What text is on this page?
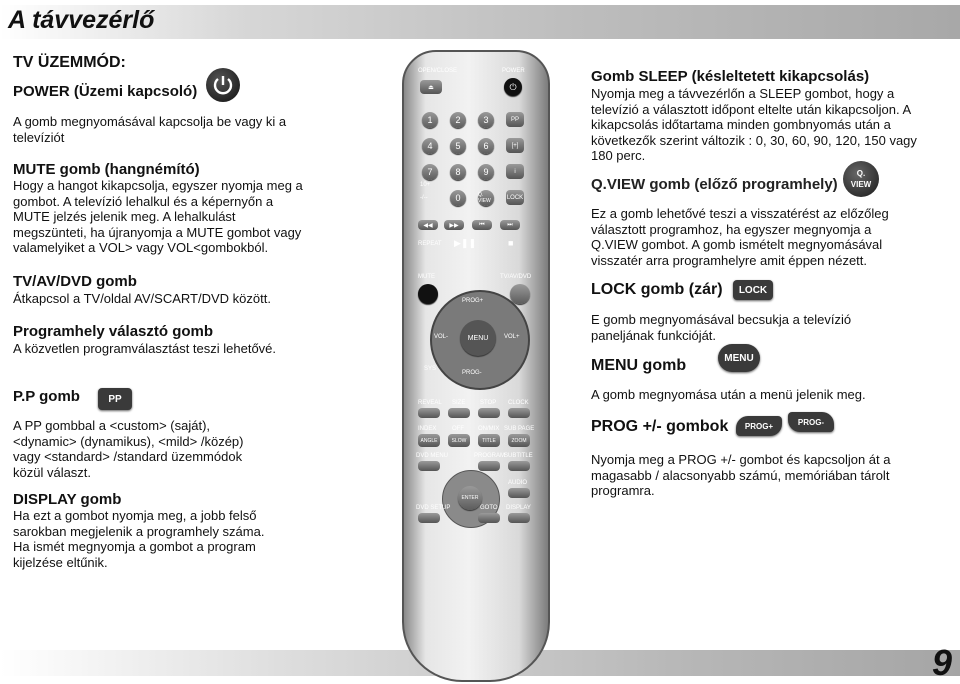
A távvezérlő
9
TV ÜZEMMÓD:
POWER (Üzemi kapcsoló)
A gomb megnyomásával kapcsolja be vagy ki a
televíziót
MUTE gomb (hangnémító)
Hogy a hangot kikapcsolja, egyszer nyomja meg a
gombot. A televízió lehalkul és a képernyőn a
MUTE jelzés jelenik meg. A lehalkulást
megszünteti, ha újranyomja a MUTE gombot vagy
valamelyiket a VOL> vagy VOL<gombokból.
TV/AV/DVD gomb
Átkapcsol a TV/oldal AV/SCART/DVD között.
Programhely választó gomb
A közvetlen programválasztást teszi lehetővé.
P.P gomb	PP
A PP gombbal a <custom> (saját),
<dynamic> (dynamikus), <mild> /közép)
vagy <standard> /standard üzemmódok
közül választ.
DISPLAY gomb
Ha ezt a gombot nyomja meg, a jobb felső
sarokban megjelenik a programhely száma.
Ha ismét megnyomja a gombot a program
kijelzése eltűnik.
OPEN/CLOSE	POWER
⏏	⏻
1	2	3	PP
4	5	6	[+]
7	8	9	i
10+
-/--	0	Q. VIEW
LOCK
◀◀	▶▶	⏮	⏭
REPEAT ▶❚❚	■
MUTE	TV/AV/DVD
PROG+
PROG-
VOL-	VOL+
MENU
SYS
REVEAL SIZE STOP CLOCK
INDEX	OFF ON/MIX SUB PAGE
ANGLE	SLOW	TITLE	ZOOM
DVD MENU	PROGRAM
SUBTITLE
AUDIO
ENTER
DVD SETUP	GOTO DISPLAY
Gomb SLEEP (késleltetett kikapcsolás)
Nyomja meg a távvezérlőn a SLEEP gombot, hogy a
televízió a választott időpont eltelte után kikapcsoljon. A
kikapcsolás időtartama minden gombnyomás után a
következők szerint változik : 0, 30, 60, 90, 120, 150 vagy
180 perc.
Q.VIEW gomb (előző programhely)
Q.
VIEW
Ez a gomb lehetővé teszi a visszatérést az előzőleg
választott programhoz, ha egyszer megnyomja a
Q.VIEW gombot. A gomb ismételt megnyomásával
visszatér arra programhelyre amit éppen nézett.
LOCK gomb (zár)	LOCK
E gomb megnyomásával becsukja a televízió
paneljának funkcióját.
MENU gomb	MENU
A gomb megnyomása után a menü jelenik meg.
PROG +/- gombok	PROG+	PROG-
Nyomja meg a PROG +/- gombot és kapcsoljon át a
magasabb / alacsonyabb számú, memóriában tárolt
programra.
